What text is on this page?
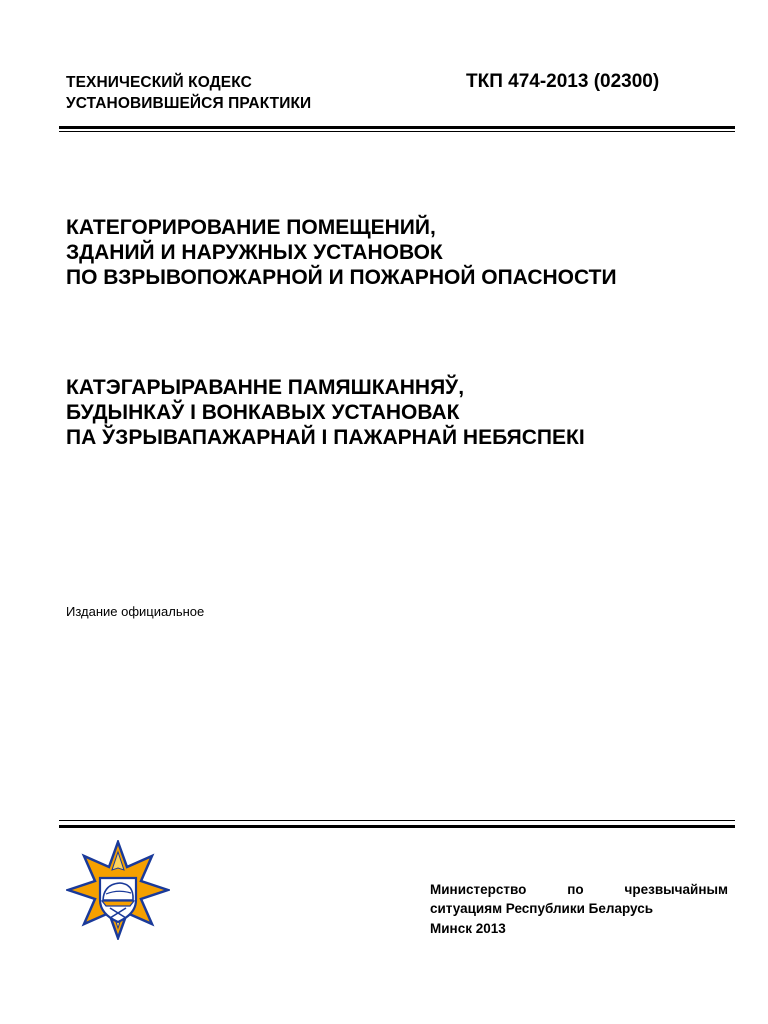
ТЕХНИЧЕСКИЙ КОДЕКС
УСТАНОВИВШЕЙСЯ ПРАКТИКИ
ТКП 474-2013 (02300)
КАТЕГОРИРОВАНИЕ ПОМЕЩЕНИЙ,
ЗДАНИЙ И НАРУЖНЫХ УСТАНОВОК
ПО ВЗРЫВОПОЖАРНОЙ И ПОЖАРНОЙ ОПАСНОСТИ
КАТЭГАРЫРАВАННЕ ПАМЯШКАННЯЎ,
БУДЫНКАЎ І ВОНКАВЫХ УСТАНОВАК
ПА ЎЗРЫВАПАЖАРНАЙ І ПАЖАРНАЙ НЕБЯСПЕКІ
Издание официальное
Министерство	по	чрезвычайным
ситуациям Республики Беларусь
Минск 2013
